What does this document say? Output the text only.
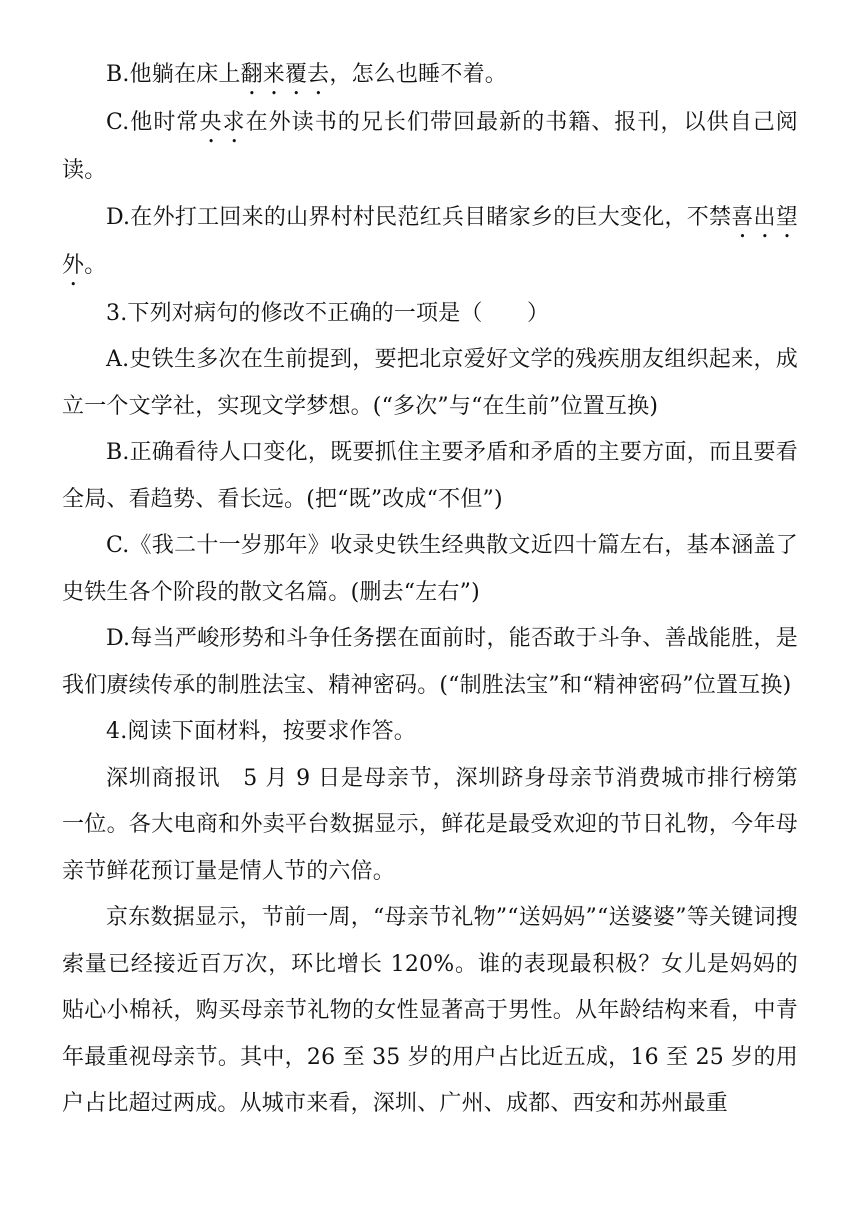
B.他躺在床上翻来覆去，怎么也睡不着。

C.他时常央求在外读书的兄长们带回最新的书籍、报刊，以供自己阅读。

D.在外打工回来的山界村村民范红兵目睹家乡的巨大变化，不禁喜出望外。

3.下列对病句的修改不正确的一项是（　　）

A.史铁生多次在生前提到，要把北京爱好文学的残疾朋友组织起来，成立一个文学社，实现文学梦想。(“多次”与“在生前”位置互换)

B.正确看待人口变化，既要抓住主要矛盾和矛盾的主要方面，而且要看全局、看趋势、看长远。(把“既”改成“不但”)

C.《我二十一岁那年》收录史铁生经典散文近四十篇左右，基本涵盖了史铁生各个阶段的散文名篇。(删去“左右”)

D.每当严峻形势和斗争任务摆在面前时，能否敢于斗争、善战能胜，是我们赓续传承的制胜法宝、精神密码。(“制胜法宝”和“精神密码”位置互换)

4.阅读下面材料，按要求作答。

深圳商报讯　5 月 9 日是母亲节，深圳跻身母亲节消费城市排行榜第一位。各大电商和外卖平台数据显示，鲜花是最受欢迎的节日礼物，今年母亲节鲜花预订量是情人节的六倍。

京东数据显示，节前一周，“母亲节礼物”“送妈妈”“送婆婆”等关键词搜索量已经接近百万次，环比增长 120%。谁的表现最积极？女儿是妈妈的贴心小棉袄，购买母亲节礼物的女性显著高于男性。从年龄结构来看，中青年最重视母亲节。其中，26 至 35 岁的用户占比近五成，16 至 25 岁的用户占比超过两成。从城市来看，深圳、广州、成都、西安和苏州最重
